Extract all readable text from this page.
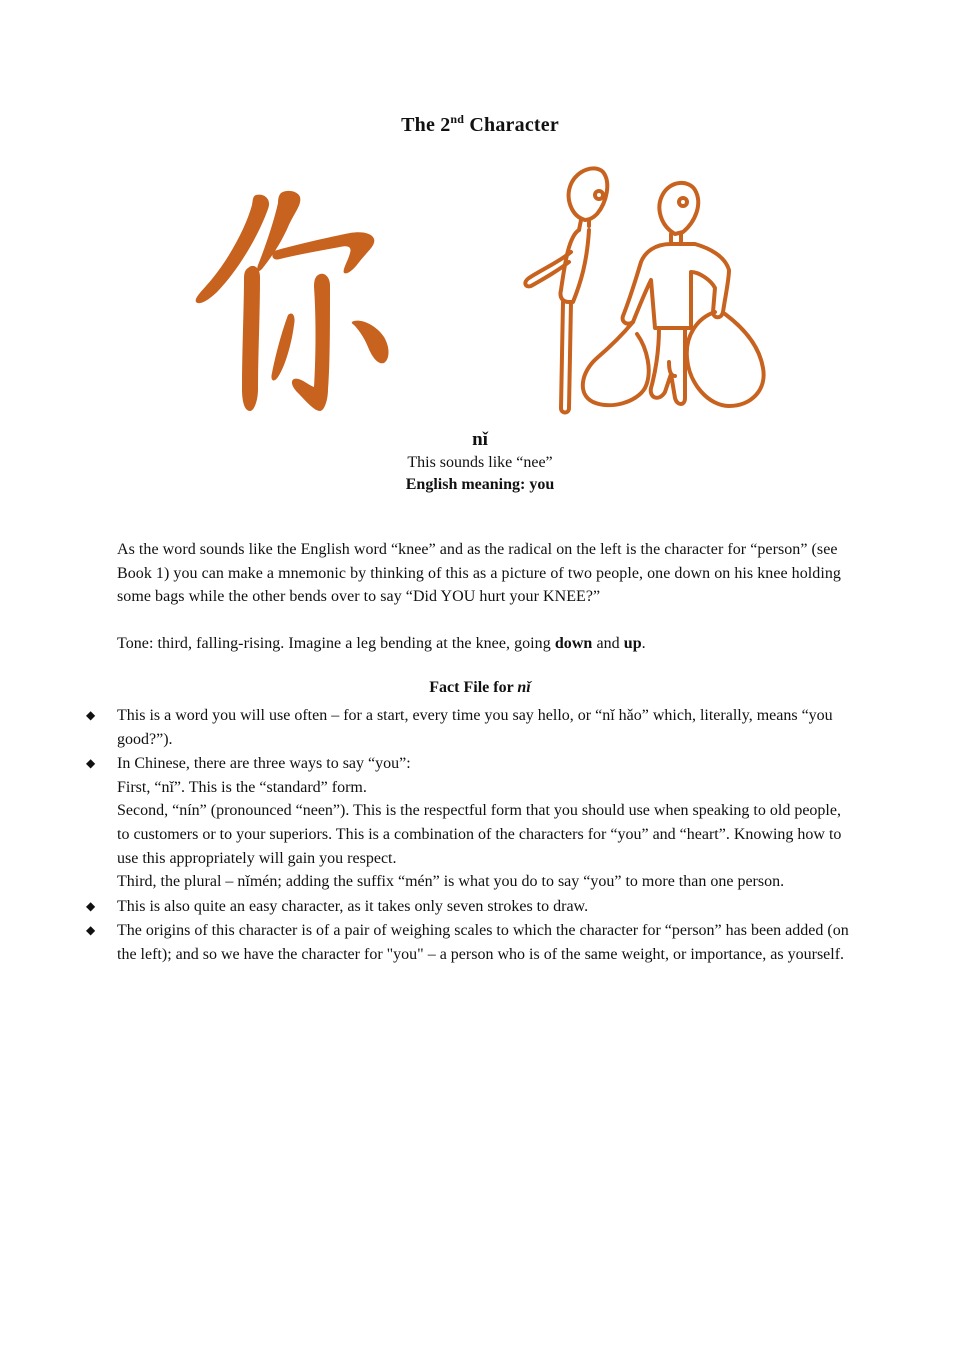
The 2nd Character
nǐ
This sounds like “nee”
English meaning: you
As the word sounds like the English word “knee” and as the radical on the left is the character for “person” (see Book 1) you can make a mnemonic by thinking of this as a picture of two people, one down on his knee holding some bags while the other bends over to say “Did YOU hurt your KNEE?”
Tone: third, falling-rising. Imagine a leg bending at the knee, going down and up.
Fact File for nǐ
◆ This is a word you will use often – for a start, every time you say hello, or “nǐ hǎo” which, literally, means “you good?”).
◆ In Chinese, there are three ways to say “you”:
First, “nǐ”. This is the “standard” form.
Second, “nín” (pronounced “neen”). This is the respectful form that you should use when speaking to old people, to customers or to your superiors. This is a combination of the characters for “you” and “heart”. Knowing how to use this appropriately will gain you respect.
Third, the plural – nǐmén; adding the suffix “mén” is what you do to say “you” to more than one person.
◆ This is also quite an easy character, as it takes only seven strokes to draw.
◆ The origins of this character is of a pair of weighing scales to which the character for “person” has been added (on the left); and so we have the character for "you" – a person who is of the same weight, or importance, as yourself.
